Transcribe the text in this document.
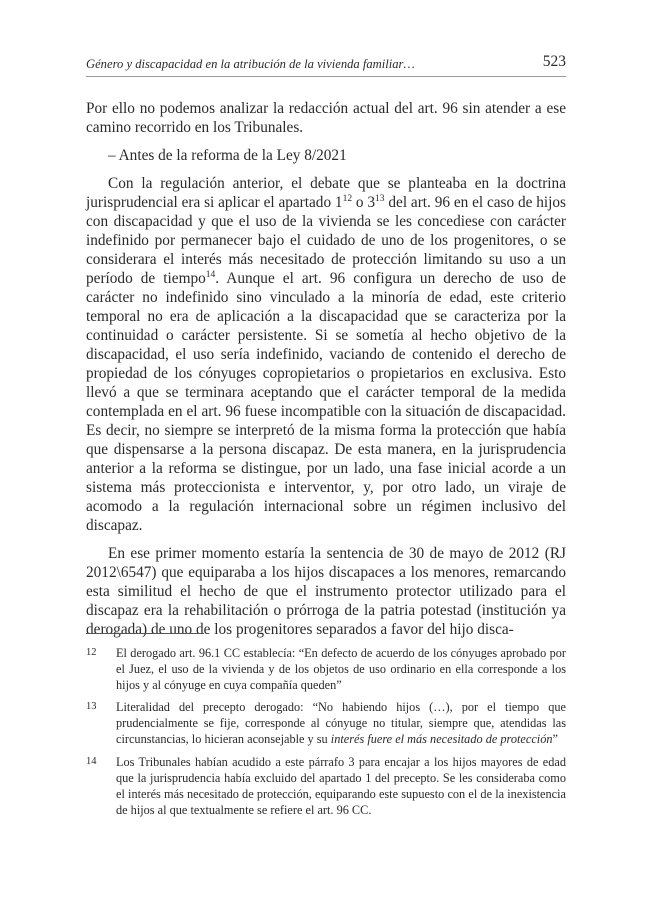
Género y discapacidad en la atribución de la vivienda familiar…	523

Por ello no podemos analizar la redacción actual del art. 96 sin atender a ese camino recorrido en los Tribunales.

– Antes de la reforma de la Ley 8/2021

Con la regulación anterior, el debate que se planteaba en la doctrina jurisprudencial era si aplicar el apartado $1^{12}$ o $3^{13}$ del art. 96 en el caso de hijos con discapacidad y que el uso de la vivienda se les concediese con carácter indefinido por permanecer bajo el cuidado de uno de los progenitores, o se considerara el interés más necesitado de protección limitando su uso a un período de tiempo$^{14}$. Aunque el art. 96 configura un derecho de uso de carácter no indefinido sino vinculado a la minoría de edad, este criterio temporal no era de aplicación a la discapacidad que se caracteriza por la continuidad o carácter persistente. Si se sometía al hecho objetivo de la discapacidad, el uso sería indefinido, vaciando de contenido el derecho de propiedad de los cónyuges copropietarios o propietarios en exclusiva. Esto llevó a que se terminara aceptando que el carácter temporal de la medida contemplada en el art. 96 fuese incompatible con la situación de discapacidad. Es decir, no siempre se interpretó de la misma forma la protección que había que dispensarse a la persona discapaz. De esta manera, en la jurisprudencia anterior a la reforma se distingue, por un lado, una fase inicial acorde a un sistema más proteccionista e interventor, y, por otro lado, un viraje de acomodo a la regulación internacional sobre un régimen inclusivo del discapaz.

En ese primer momento estaría la sentencia de 30 de mayo de 2012 (RJ 2012\6547) que equiparaba a los hijos discapaces a los menores, remarcando esta similitud el hecho de que el instrumento protector utilizado para el discapaz era la rehabilitación o prórroga de la patria potestad (institución ya derogada) de uno de los progenitores separados a favor del hijo disca-

12 El derogado art. 96.1 CC establecía: “En defecto de acuerdo de los cónyuges aprobado por el Juez, el uso de la vivienda y de los objetos de uso ordinario en ella corresponde a los hijos y al cónyuge en cuya compañía queden”
13 Literalidad del precepto derogado: “No habiendo hijos (…), por el tiempo que prudencialmente se fije, corresponde al cónyuge no titular, siempre que, atendidas las circunstancias, lo hicieran aconsejable y su interés fuere el más necesitado de protección”
14 Los Tribunales habían acudido a este párrafo 3 para encajar a los hijos mayores de edad que la jurisprudencia había excluido del apartado 1 del precepto. Se les consideraba como el interés más necesitado de protección, equiparando este supuesto con el de la inexistencia de hijos al que textualmente se refiere el art. 96 CC.
